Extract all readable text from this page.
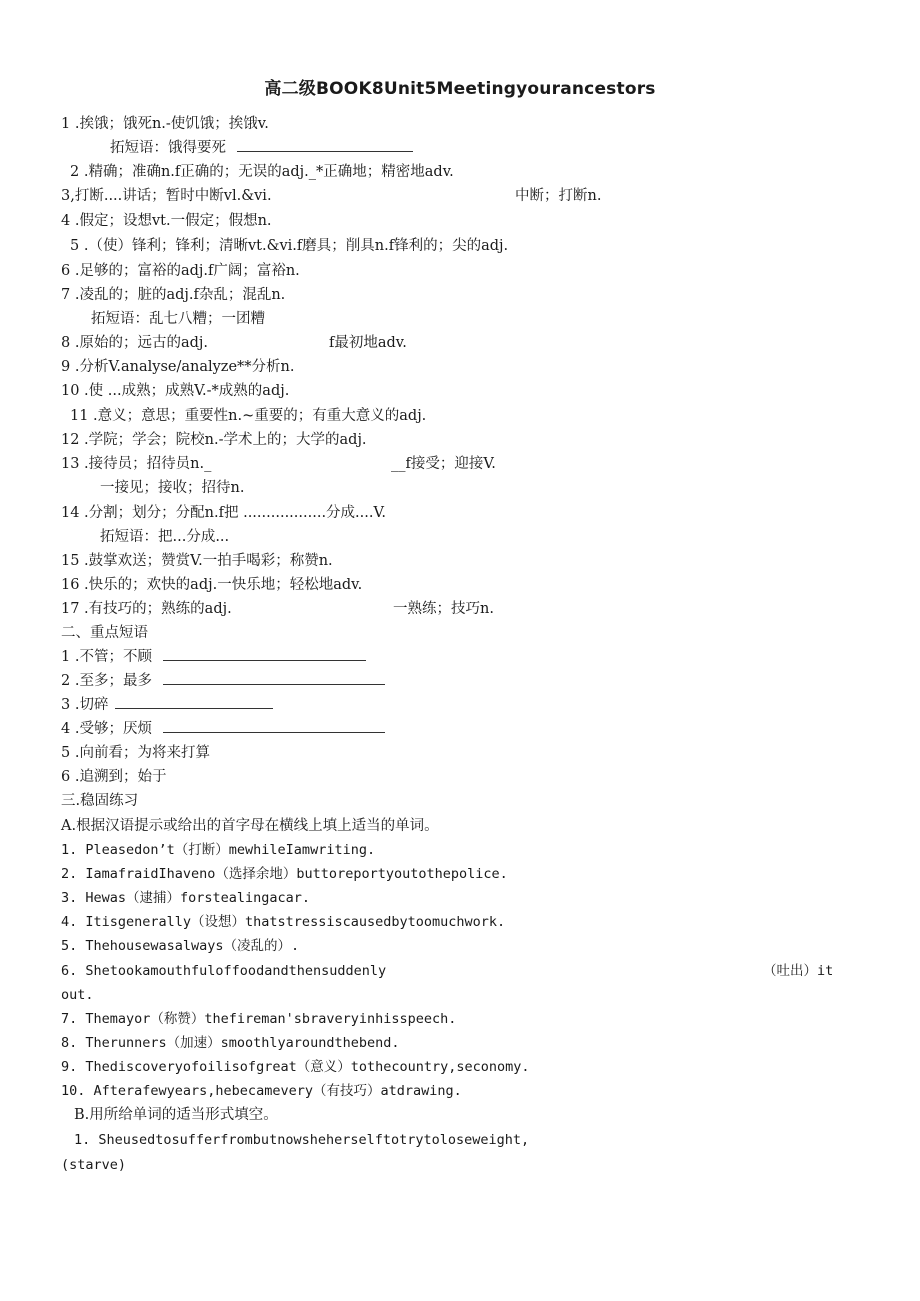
高二级BOOK8Unit5Meetingyourancestors
1 .挨饿；饿死n.-使饥饿；挨饿v.
拓短语：饿得要死
2 .精确；准确n.f正确的；无误的adj._*正确地；精密地adv.
3,打断....讲话；暂时中断vl.&vi.	中断；打断n.
4 .假定；设想vt.一假定；假想n.
5 .（使）锋利；锋利；清晰vt.&vi.f磨具；削具n.f锋利的；尖的adj.
6 .足够的；富裕的adj.f广阔；富裕n.
7 .凌乱的；脏的adj.f杂乱；混乱n.
拓短语：乱七八糟；一团糟
8 .原始的；远古的adj.	f最初地adv.
9 .分析V.analyse/analyze**分析n.
10 .使 ...成熟；成熟V.-*成熟的adj.
11 .意义；意思；重要性n.~重要的；有重大意义的adj.
12 .学院；学会；院校n.-学术上的；大学的adj.
13 .接待员；招待员n._	__f接受；迎接V.
一接见；接收；招待n.
14 .分割；划分；分配n.f把 ..................分成....V.
拓短语：把...分成...
15 .鼓掌欢送；赞赏V.一拍手喝彩；称赞n.
16 .快乐的；欢快的adj.一快乐地；轻松地adv.
17 .有技巧的；熟练的adj.	一熟练；技巧n.
二、重点短语
1 .不管；不顾
2 .至多；最多
3 .切碎
4 .受够；厌烦
5 .向前看；为将来打算
6 .追溯到；始于
三.稳固练习
A.根据汉语提示或给出的首字母在横线上填上适当的单词。
1. Pleasedon’t（打断）mewhileIamwriting.
2. IamafraidIhaveno（选择余地）buttoreportyoutothepolice.
3. Hewas（逮捕）forstealingacar.
4. Itisgenerally（设想）thatstressiscausedbytoomuchwork.
5. Thehousewasalways（凌乱的）.
6. Shetookamouthfuloffoodandthensuddenly	（吐出）it
out.
7. Themayor（称赞）thefireman'sbraveryinhisspeech.
8. Therunners（加速）smoothlyaroundthebend.
9. Thediscoveryofoilisofgreat（意义）tothecountry,seconomy.
10. Afterafewyears,hebecamevery（有技巧）atdrawing.
B.用所给单词的适当形式填空。
1. Sheusedtosufferfrombutnowsheherselftotrytoloseweight,
(starve)
